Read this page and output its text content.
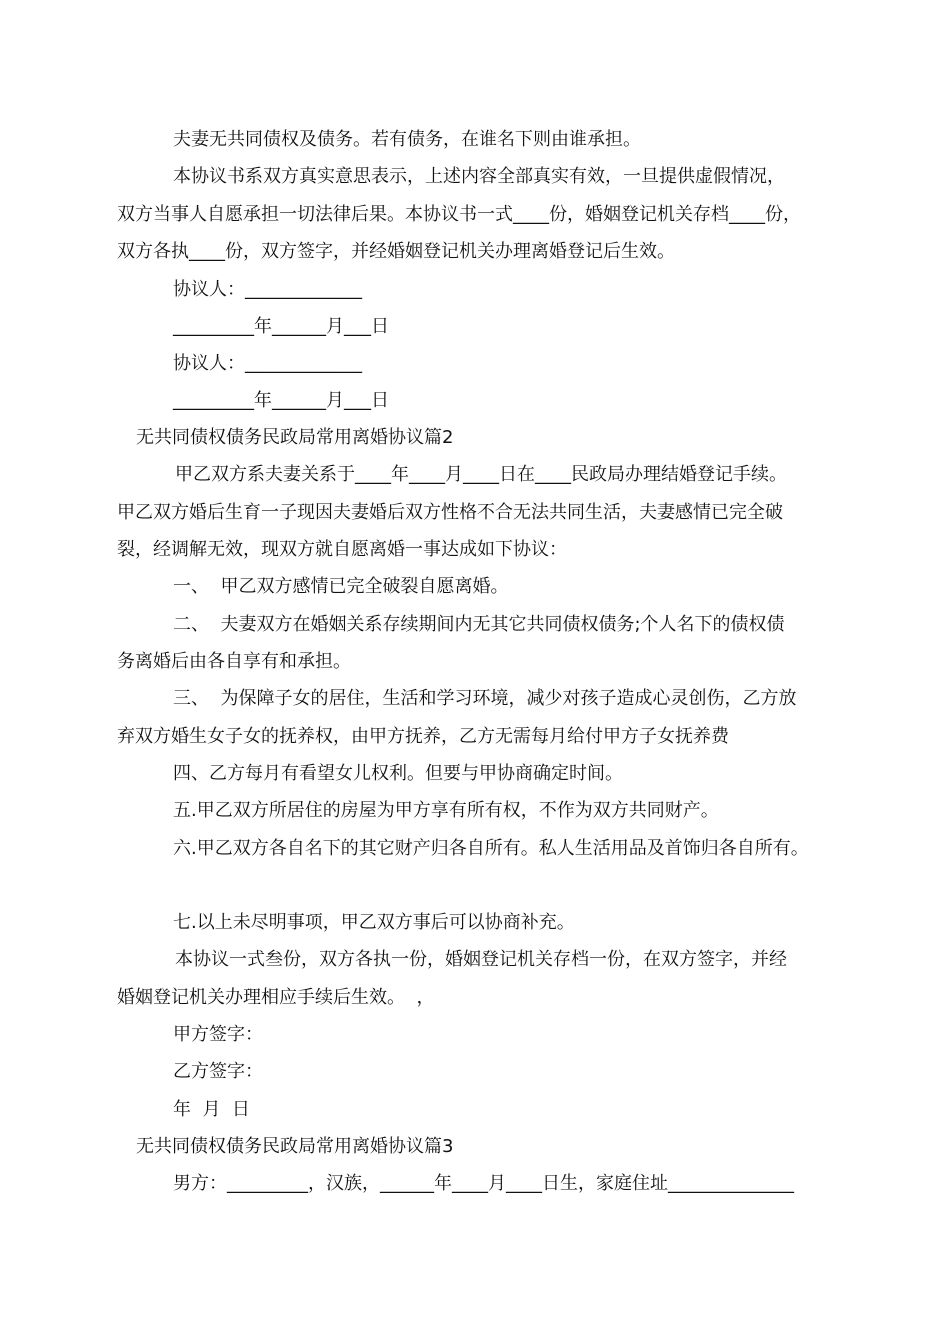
夫妻无共同债权及债务。若有债务，在谁名下则由谁承担。
本协议书系双方真实意思表示，上述内容全部真实有效，一旦提供虚假情况，
双方当事人自愿承担一切法律后果。本协议书一式____份，婚姻登记机关存档____份，
双方各执____份，双方签字，并经婚姻登记机关办理离婚登记后生效。
协议人：_____________
_________年______月___日
协议人：_____________
_________年______月___日
无共同债权债务民政局常用离婚协议篇2
甲乙双方系夫妻关系于____年____月____日在____民政局办理结婚登记手续。
甲乙双方婚后生育一子现因夫妻婚后双方性格不合无法共同生活，夫妻感情已完全破
裂，经调解无效，现双方就自愿离婚一事达成如下协议：
一、  甲乙双方感情已完全破裂自愿离婚。
二、  夫妻双方在婚姻关系存续期间内无其它共同债权债务;个人名下的债权债
务离婚后由各自享有和承担。
三、  为保障子女的居住，生活和学习环境，减少对孩子造成心灵创伤，乙方放
弃双方婚生女子女的抚养权，由甲方抚养，乙方无需每月给付甲方子女抚养费
四、乙方每月有看望女儿权利。但要与甲协商确定时间。
五.甲乙双方所居住的房屋为甲方享有所有权，不作为双方共同财产。
六.甲乙双方各自名下的其它财产归各自所有。私人生活用品及首饰归各自所有。
七.以上未尽明事项，甲乙双方事后可以协商补充。
本协议一式叁份，双方各执一份，婚姻登记机关存档一份，在双方签字，并经
婚姻登记机关办理相应手续后生效。  ，
甲方签字：
乙方签字：
年  月  日
无共同债权债务民政局常用离婚协议篇3
男方：_________，汉族，______年____月____日生，家庭住址______________
